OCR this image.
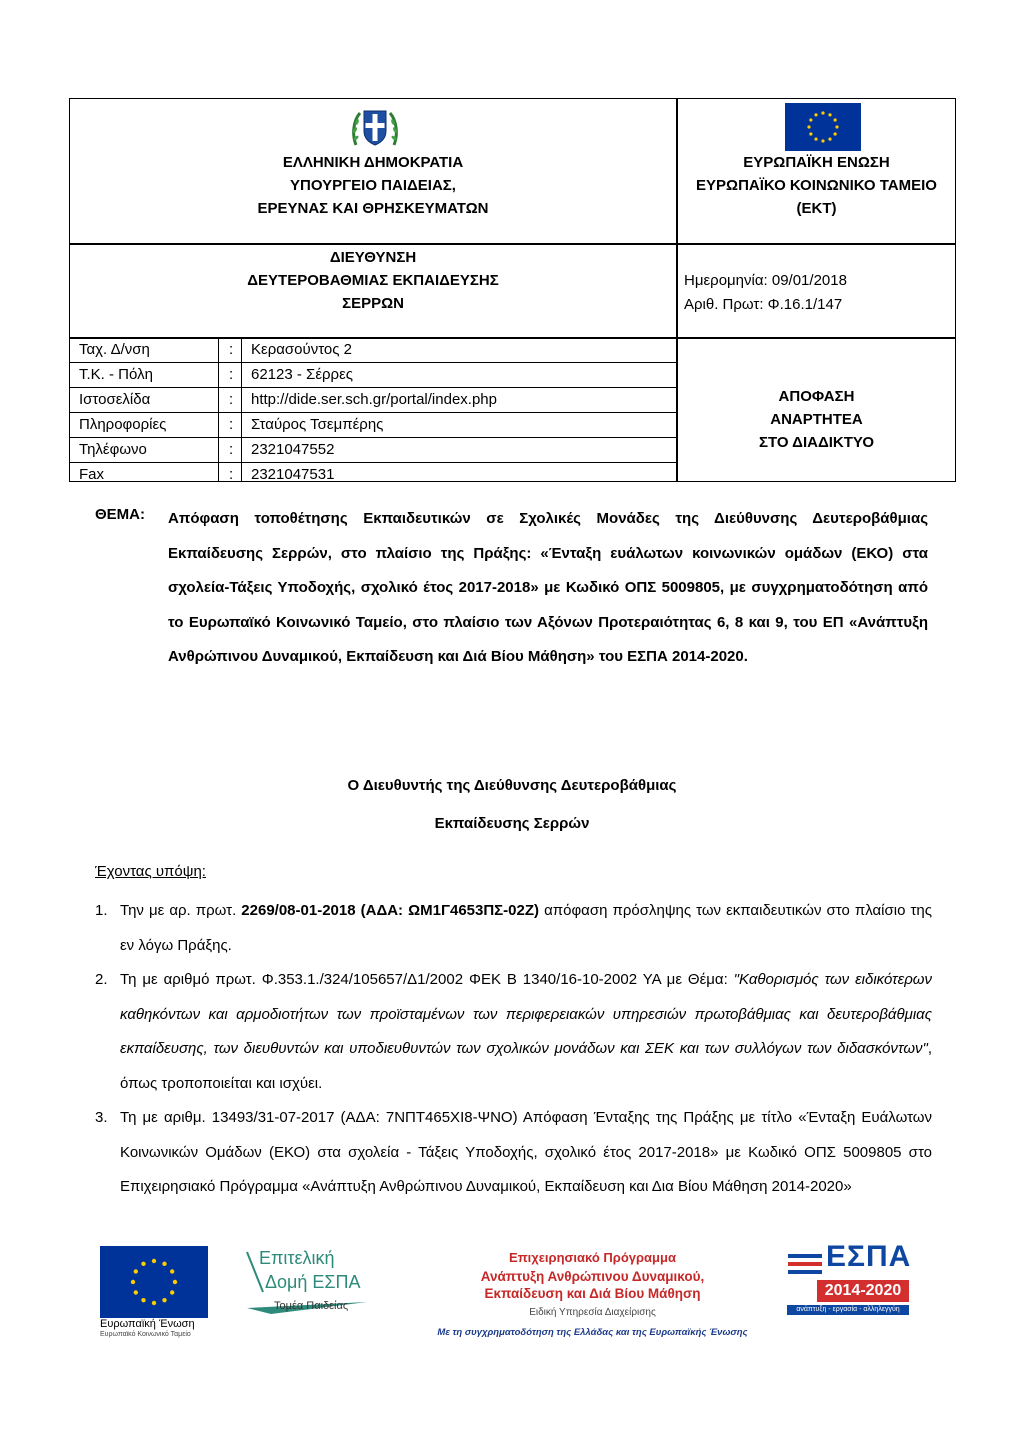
ΕΛΛΗΝΙΚΗ ΔΗΜΟΚΡΑΤΙΑ
ΥΠΟΥΡΓΕΙΟ ΠΑΙΔΕΙΑΣ,
ΕΡΕΥΝΑΣ ΚΑΙ ΘΡΗΣΚΕΥΜΑΤΩΝ
ΕΥΡΩΠΑΪΚΗ ΕΝΩΣΗ
ΕΥΡΩΠΑΪΚΟ ΚΟΙΝΩΝΙΚΟ ΤΑΜΕΙΟ
(ΕΚΤ)
ΔΙΕΥΘΥΝΣΗ
ΔΕΥΤΕΡΟΒΑΘΜΙΑΣ ΕΚΠΑΙΔΕΥΣΗΣ
ΣΕΡΡΩΝ
Ημερομηνία: 09/01/2018
Αριθ. Πρωτ: Φ.16.1/147
Ταχ. Δ/νση	: Κερασούντος 2
Τ.Κ. - Πόλη	: 62123 - Σέρρες
Ιστοσελίδα	: http://dide.ser.sch.gr/portal/index.php
Πληροφορίες	: Σταύρος Τσεμπέρης
Τηλέφωνο	: 2321047552
Fax	: 2321047531
ΑΠΟΦΑΣΗ
ΑΝΑΡΤΗΤΕΑ
ΣΤΟ ΔΙΑΔΙΚΤΥΟ
ΘΕΜΑ: Απόφαση τοποθέτησης Εκπαιδευτικών σε Σχολικές Μονάδες της Διεύθυνσης Δευτεροβάθμιας Εκπαίδευσης Σερρών, στο πλαίσιο της Πράξης: «Ένταξη ευάλωτων κοινωνικών ομάδων (ΕΚΟ) στα σχολεία-Τάξεις Υποδοχής, σχολικό έτος 2017-2018» με Κωδικό ΟΠΣ 5009805, με συγχρηματοδότηση από το Ευρωπαϊκό Κοινωνικό Ταμείο, στο πλαίσιο των Αξόνων Προτεραιότητας 6, 8 και 9, του ΕΠ «Ανάπτυξη Ανθρώπινου Δυναμικού, Εκπαίδευση και Διά Βίου Μάθηση» του ΕΣΠΑ 2014-2020.
Ο Διευθυντής της Διεύθυνσης Δευτεροβάθμιας
Εκπαίδευσης Σερρών
Έχοντας υπόψη:
1. Την με αρ. πρωτ. 2269/08-01-2018 (ΑΔΑ: ΩΜ1Γ4653ΠΣ-02Ζ) απόφαση πρόσληψης των εκπαιδευτικών στο πλαίσιο της εν λόγω Πράξης.
2. Τη με αριθμό πρωτ. Φ.353.1./324/105657/Δ1/2002 ΦΕΚ Β 1340/16-10-2002 ΥΑ με Θέμα: "Καθορισμός των ειδικότερων καθηκόντων και αρμοδιοτήτων των προϊσταμένων των περιφερειακών υπηρεσιών πρωτοβάθμιας και δευτεροβάθμιας εκπαίδευσης, των διευθυντών και υποδιευθυντών των σχολικών μονάδων και ΣΕΚ και των συλλόγων των διδασκόντων", όπως τροποποιείται και ισχύει.
3. Τη με αριθμ. 13493/31-07-2017 (ΑΔΑ: 7ΝΠΤ465ΧΙ8-ΨΝΟ) Απόφαση Ένταξης της Πράξης με τίτλο «Ένταξη Ευάλωτων Κοινωνικών Ομάδων (ΕΚΟ) στα σχολεία - Τάξεις Υποδοχής, σχολικό έτος 2017-2018» με Κωδικό ΟΠΣ 5009805 στο Επιχειρησιακό Πρόγραμμα «Ανάπτυξη Ανθρώπινου Δυναμικού, Εκπαίδευση και Δια Βίου Μάθηση 2014-2020»
Ευρωπαϊκή Ένωση
Ευρωπαϊκό Κοινωνικό Ταμείο
Επιτελική
Δομή ΕΣΠΑ
Τομέα Παιδείας
Επιχειρησιακό Πρόγραμμα
Ανάπτυξη Ανθρώπινου Δυναμικού,
Εκπαίδευση και Διά Βίου Μάθηση
Ειδική Υπηρεσία Διαχείρισης
Με τη συγχρηματοδότηση της Ελλάδας και της Ευρωπαϊκής Ένωσης
ΕΣΠΑ
2014-2020
ανάπτυξη - εργασία - αλληλεγγύη
